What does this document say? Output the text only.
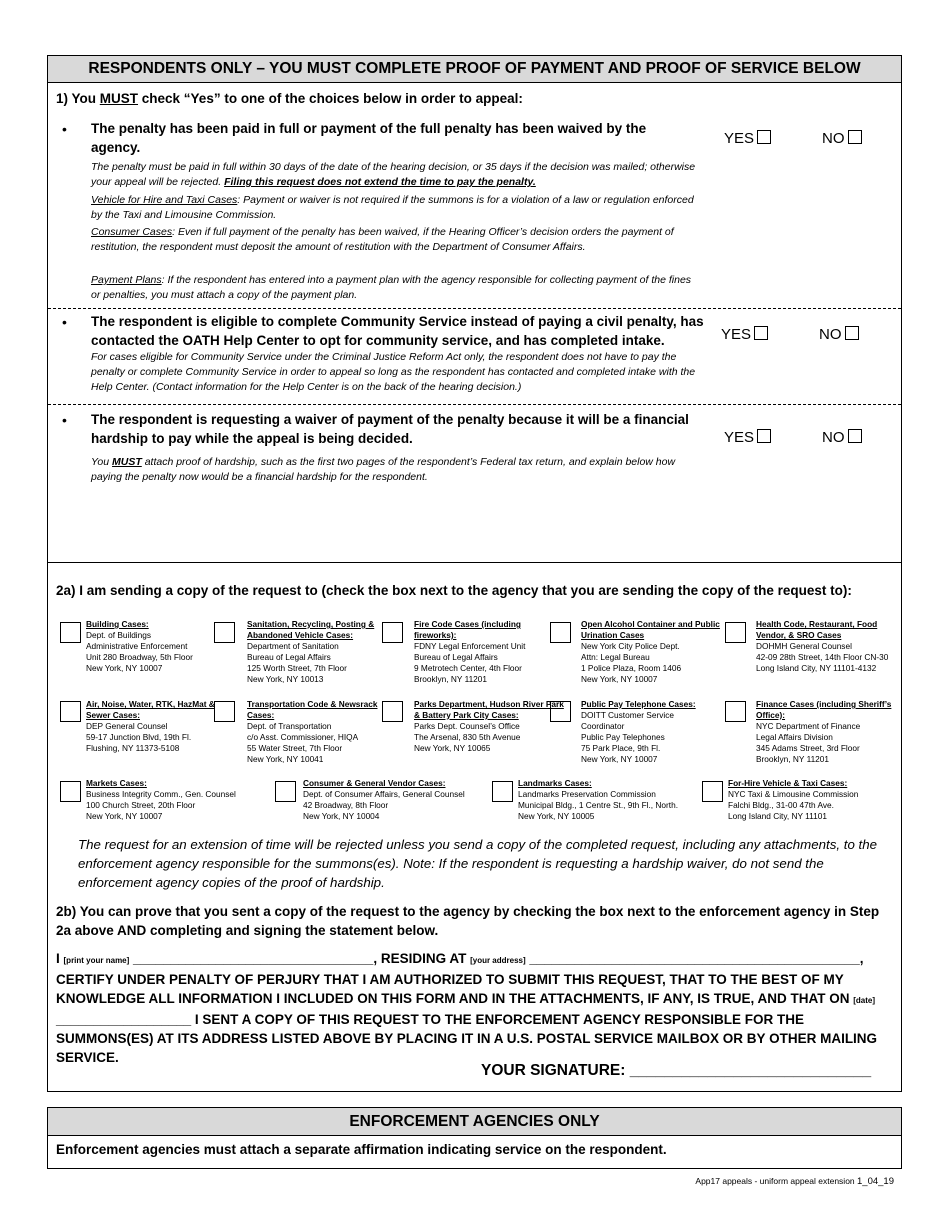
RESPONDENTS ONLY – YOU MUST COMPLETE PROOF OF PAYMENT AND PROOF OF SERVICE BELOW
1) You MUST check “Yes” to one of the choices below in order to appeal:
• The penalty has been paid in full or payment of the full penalty has been waived by the agency.
YES	NO
The penalty must be paid in full within 30 days of the date of the hearing decision, or 35 days if the decision was mailed; otherwise your appeal will be rejected. Filing this request does not extend the time to pay the penalty.
Vehicle for Hire and Taxi Cases: Payment or waiver is not required if the summons is for a violation of a law or regulation enforced by the Taxi and Limousine Commission.
Consumer Cases: Even if full payment of the penalty has been waived, if the Hearing Officer’s decision orders the payment of restitution, the respondent must deposit the amount of restitution with the Department of Consumer Affairs.
Payment Plans: If the respondent has entered into a payment plan with the agency responsible for collecting payment of the fines or penalties, you must attach a copy of the payment plan.
• The respondent is eligible to complete Community Service instead of paying a civil penalty, has contacted the OATH Help Center to opt for community service, and has completed intake.	YES	NO
For cases eligible for Community Service under the Criminal Justice Reform Act only, the respondent does not have to pay the penalty or complete Community Service in order to appeal so long as the respondent has contacted and completed intake with the Help Center. (Contact information for the Help Center is on the back of the hearing decision.)
• The respondent is requesting a waiver of payment of the penalty because it will be a financial hardship to pay while the appeal is being decided.	YES	NO
You MUST attach proof of hardship, such as the first two pages of the respondent’s Federal tax return, and explain below how paying the penalty now would be a financial hardship for the respondent.
2a) I am sending a copy of the request to (check the box next to the agency that you are sending the copy of the request to):
Building Cases:
Dept. of Buildings
Administrative Enforcement
Unit 280 Broadway, 5th Floor
New York, NY 10007
Sanitation, Recycling, Posting & Abandoned Vehicle Cases:
Department of Sanitation
Bureau of Legal Affairs
125 Worth Street, 7th Floor
New York, NY 10013
Fire Code Cases (including fireworks):
FDNY Legal Enforcement Unit
Bureau of Legal Affairs
9 Metrotech Center, 4th Floor
Brooklyn, NY 11201
Open Alcohol Container and Public Urination Cases
New York City Police Dept.
Attn: Legal Bureau
1 Police Plaza, Room 1406
New York, NY 10007
Health Code, Restaurant, Food Vendor, & SRO Cases
DOHMH General Counsel
42-09 28th Street, 14th Floor CN-30
Long Island City, NY 11101-4132
Air, Noise, Water, RTK, HazMat & Sewer Cases:
DEP General Counsel
59-17 Junction Blvd, 19th Fl.
Flushing, NY 11373-5108
Transportation Code & Newsrack Cases:
Dept. of Transportation
c/o Asst. Commissioner, HIQA
55 Water Street, 7th Floor
New York, NY 10041
Parks Department, Hudson River Park & Battery Park City Cases:
Parks Dept. Counsel’s Office
The Arsenal, 830 5th Avenue
New York, NY 10065
Public Pay Telephone Cases:
DOITT Customer Service
Coordinator
Public Pay Telephones
75 Park Place, 9th Fl.
New York, NY 10007
Finance Cases (including Sheriff’s Office):
NYC Department of Finance
Legal Affairs Division
345 Adams Street, 3rd Floor
Brooklyn, NY 11201
Markets Cases:
Business Integrity Comm., Gen. Counsel
100 Church Street, 20th Floor
New York, NY 10007
Consumer & General Vendor Cases:
Dept. of Consumer Affairs, General Counsel
42 Broadway, 8th Floor
New York, NY 10004
Landmarks Cases:
Landmarks Preservation Commission
Municipal Bldg., 1 Centre St., 9th Fl., North.
New York, NY 10005
For-Hire Vehicle & Taxi Cases:
NYC Taxi & Limousine Commission
Falchi Bldg., 31-00 47th Ave.
Long Island City, NY 11101
The request for an extension of time will be rejected unless you send a copy of the completed request, including any attachments, to the enforcement agency responsible for the summons(es). Note: If the respondent is requesting a hardship waiver, do not send the enforcement agency copies of the proof of hardship.
2b) You can prove that you sent a copy of the request to the agency by checking the box next to the enforcement agency in Step 2a above AND completing and signing the statement below.
I [print your name] ________________________________, RESIDING AT [your address] ____________________________________________, CERTIFY UNDER PENALTY OF PERJURY THAT I AM AUTHORIZED TO SUBMIT THIS REQUEST, THAT TO THE BEST OF MY KNOWLEDGE ALL INFORMATION I INCLUDED ON THIS FORM AND IN THE ATTACHMENTS, IF ANY, IS TRUE, AND THAT ON [date] __________________ I SENT A COPY OF THIS REQUEST TO THE ENFORCEMENT AGENCY RESPONSIBLE FOR THE SUMMONS(ES) AT ITS ADDRESS LISTED ABOVE BY PLACING IT IN A U.S. POSTAL SERVICE MAILBOX OR BY OTHER MAILING SERVICE.
YOUR SIGNATURE: ____________________________
ENFORCEMENT AGENCIES ONLY
Enforcement agencies must attach a separate affirmation indicating service on the respondent.
App17 appeals - uniform appeal extension 1_04_19
